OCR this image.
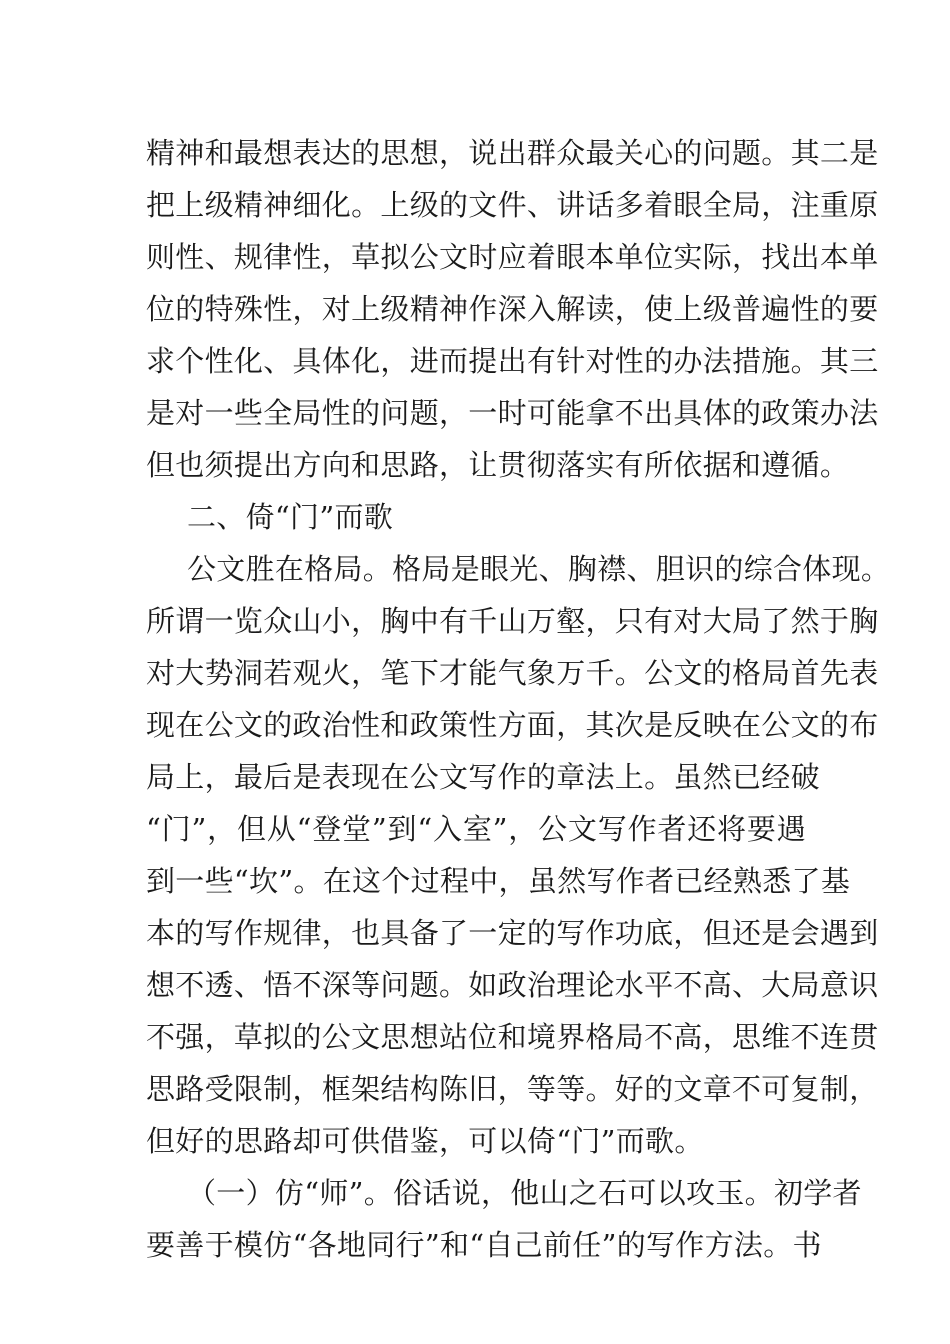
精神和最想表达的思想，说出群众最关心的问题。其二是
把上级精神细化。上级的文件、讲话多着眼全局，注重原
则性、规律性，草拟公文时应着眼本单位实际，找出本单
位的特殊性，对上级精神作深入解读，使上级普遍性的要
求个性化、具体化，进而提出有针对性的办法措施。其三
是对一些全局性的问题，一时可能拿不出具体的政策办法
但也须提出方向和思路，让贯彻落实有所依据和遵循。
二、倚“门”而歌
公文胜在格局。格局是眼光、胸襟、胆识的综合体现。
所谓一览众山小，胸中有千山万壑，只有对大局了然于胸
对大势洞若观火，笔下才能气象万千。公文的格局首先表
现在公文的政治性和政策性方面，其次是反映在公文的布
局上，最后是表现在公文写作的章法上。虽然已经破
“门”，但从“登堂”到“入室”，公文写作者还将要遇
到一些“坎”。在这个过程中，虽然写作者已经熟悉了基
本的写作规律，也具备了一定的写作功底，但还是会遇到
想不透、悟不深等问题。如政治理论水平不高、大局意识
不强，草拟的公文思想站位和境界格局不高，思维不连贯
思路受限制，框架结构陈旧，等等。好的文章不可复制，
但好的思路却可供借鉴，可以倚“门”而歌。
（一）仿“师”。俗话说，他山之石可以攻玉。初学者
要善于模仿“各地同行”和“自己前任”的写作方法。书
